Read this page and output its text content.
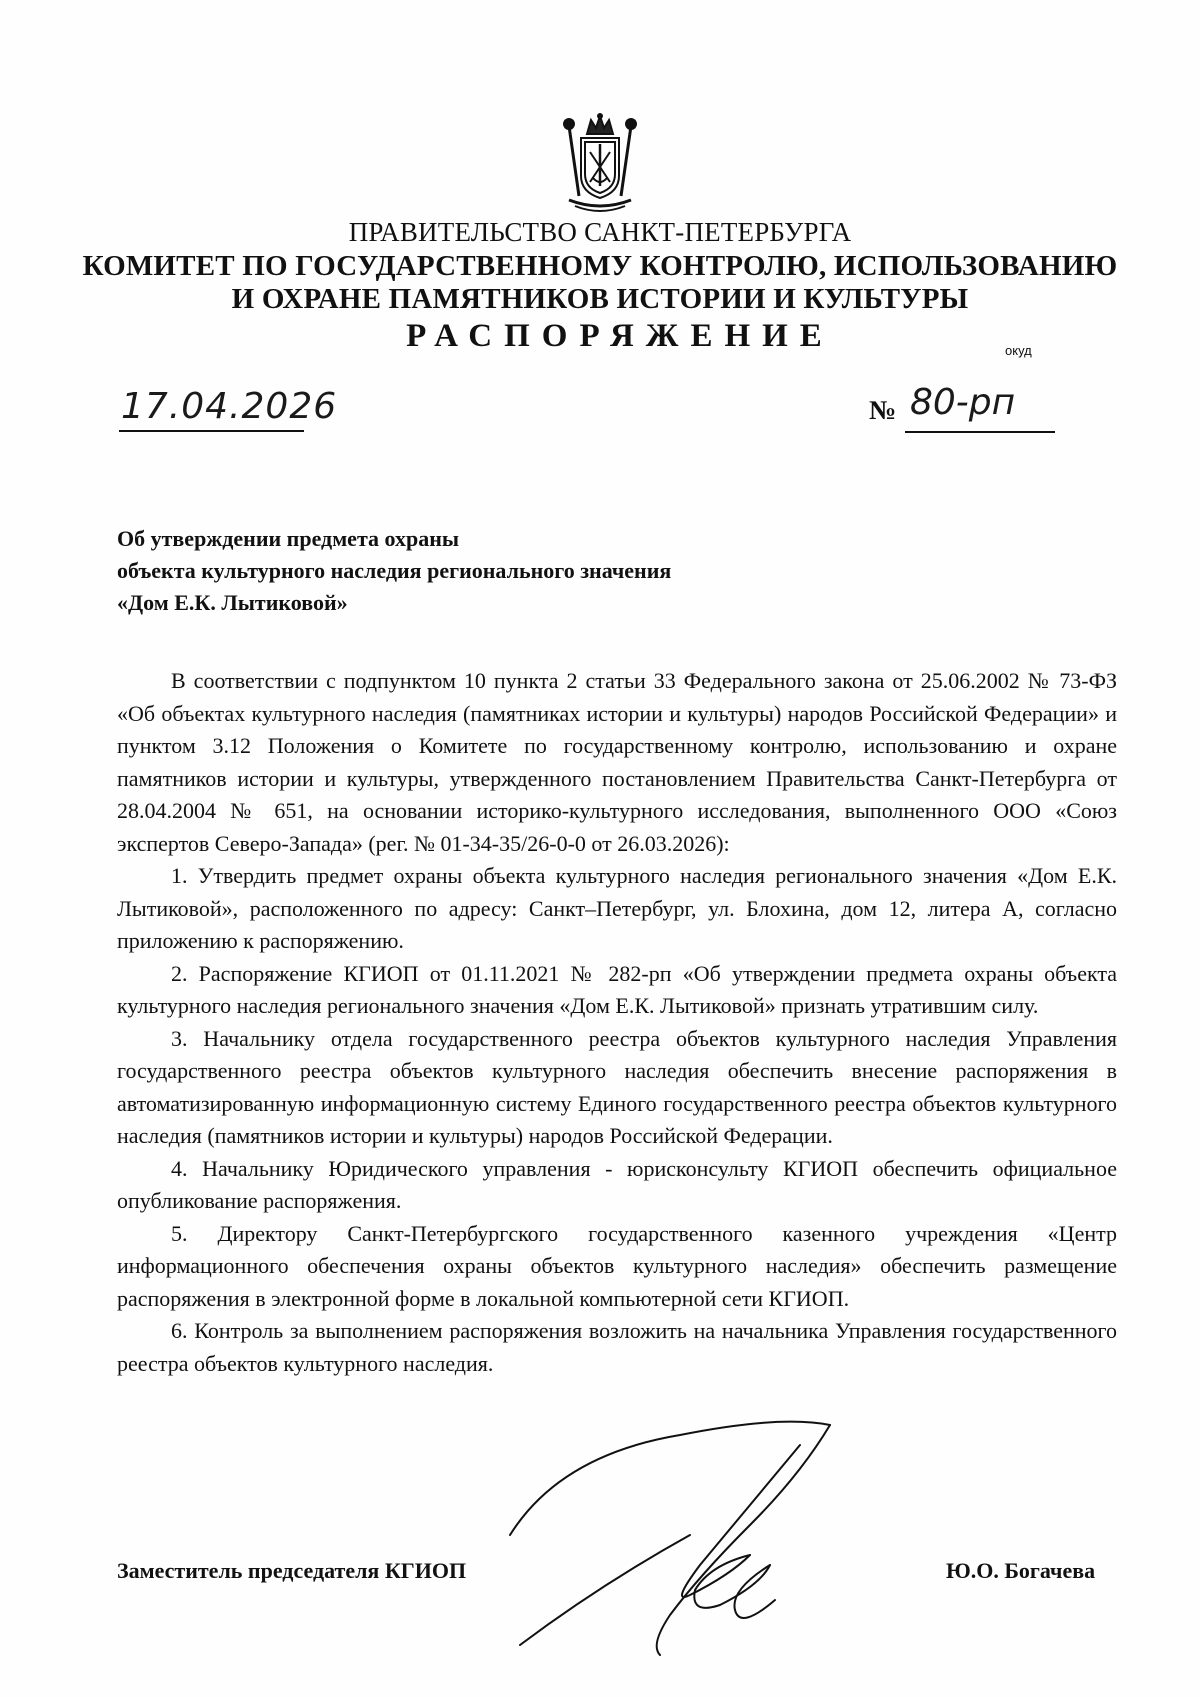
ПРАВИТЕЛЬСТВО САНКТ-ПЕТЕРБУРГА
КОМИТЕТ ПО ГОСУДАРСТВЕННОМУ КОНТРОЛЮ, ИСПОЛЬЗОВАНИЮ
И ОХРАНЕ ПАМЯТНИКОВ ИСТОРИИ И КУЛЬТУРЫ
РАСПОРЯЖЕНИЕ	окуд
17.04.2026	№ 80-рп
Об утверждении предмета охраны
объекта культурного наследия регионального значения
«Дом Е.К. Лытиковой»

В соответствии с подпунктом 10 пункта 2 статьи 33 Федерального закона от 25.06.2002 № 73-ФЗ «Об объектах культурного наследия (памятниках истории и культуры) народов Российской Федерации» и пунктом 3.12 Положения о Комитете по государственному контролю, использованию и охране памятников истории и культуры, утвержденного постановлением Правительства Санкт-Петербурга от 28.04.2004 № 651, на основании историко-культурного исследования, выполненного ООО «Союз экспертов Северо-Запада» (рег. № 01-34-35/26-0-0 от 26.03.2026):

1. Утвердить предмет охраны объекта культурного наследия регионального значения «Дом Е.К. Лытиковой», расположенного по адресу: Санкт–Петербург, ул. Блохина, дом 12, литера А, согласно приложению к распоряжению.

2. Распоряжение КГИОП от 01.11.2021 № 282-рп «Об утверждении предмета охраны объекта культурного наследия регионального значения «Дом Е.К. Лытиковой» признать утратившим силу.

3. Начальнику отдела государственного реестра объектов культурного наследия Управления государственного реестра объектов культурного наследия обеспечить внесение распоряжения в автоматизированную информационную систему Единого государственного реестра объектов культурного наследия (памятников истории и культуры) народов Российской Федерации.

4. Начальнику Юридического управления - юрисконсульту КГИОП обеспечить официальное опубликование распоряжения.

5. Директору Санкт-Петербургского государственного казенного учреждения «Центр информационного обеспечения охраны объектов культурного наследия» обеспечить размещение распоряжения в электронной форме в локальной компьютерной сети КГИОП.

6. Контроль за выполнением распоряжения возложить на начальника Управления государственного реестра объектов культурного наследия.

Заместитель председателя КГИОП	Ю.О. Богачева
